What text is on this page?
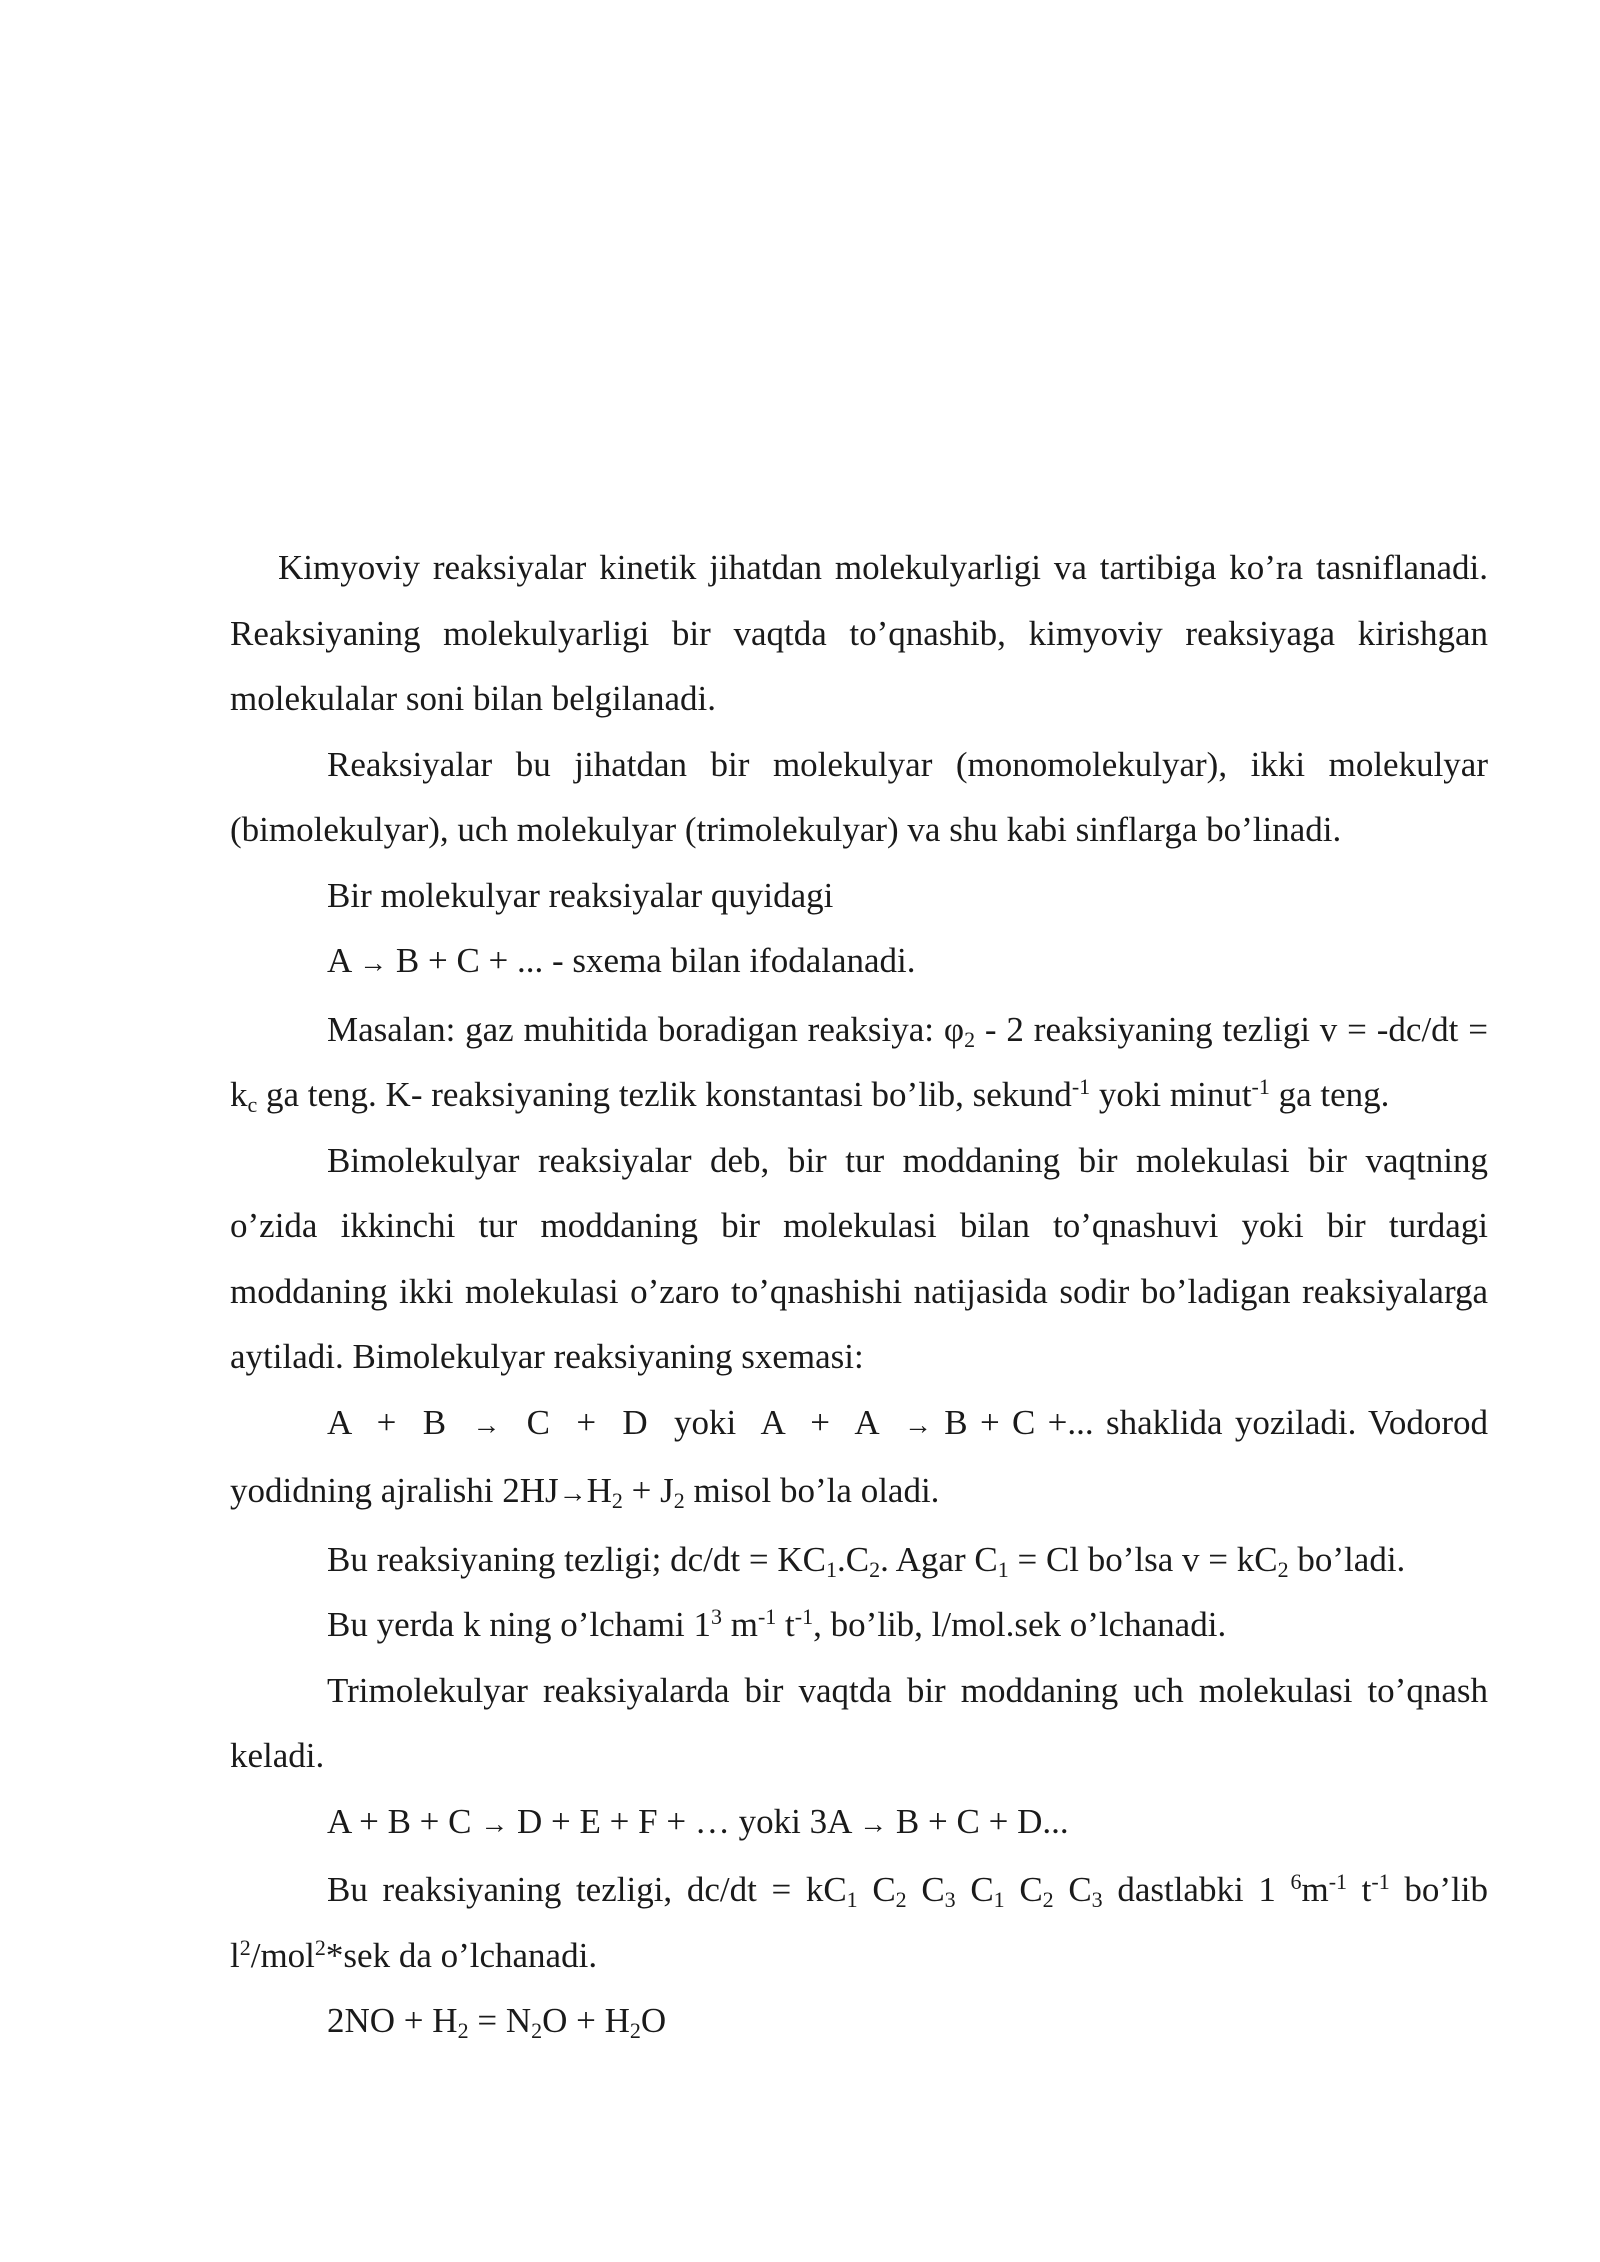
Kimyoviy reaksiyalar kinetik jihatdan molekulyarligi va tartibiga ko’ra tasniflanadi. Reaksiyaning molekulyarligi bir vaqtda to’qnashib, kimyoviy reaksiyaga kirishgan molekulalar soni bilan belgilanadi.

Reaksiyalar bu jihatdan bir molekulyar (monomolekulyar), ikki molekulyar (bimolekulyar), uch molekulyar (trimolekulyar) va shu kabi sinflarga bo’linadi.

Bir molekulyar reaksiyalar quyidagi

A → B + C + ... - sxema bilan ifodalanadi.

Masalan: gaz muhitida boradigan reaksiya: $\varphi_2 - 2$ reaksiyaning tezligi $v = -dc/dt = k_c$ ga teng. K- reaksiyaning tezlik konstantasi bo’lib, sekund$^{-1}$ yoki minut$^{-1}$ ga teng.

Bimolekulyar reaksiyalar deb, bir tur moddaning bir molekulasi bir vaqtning o’zida ikkinchi tur moddaning bir molekulasi bilan to’qnashuvi yoki bir turdagi moddaning ikki molekulasi o’zaro to’qnashishi natijasida sodir bo’ladigan reaksiyalarga aytiladi. Bimolekulyar reaksiyaning sxemasi:

A + B → C + D yoki A + A → B + C +... shaklida yoziladi. Vodorod yodidning ajralishi $2HJ\to H_2 + J_2$ misol bo’la oladi.

Bu reaksiyaning tezligi; $dc/dt = KC_1.C_2$. Agar $C_1 = Cl$ bo’lsa $v = kC_2$ bo’ladi.

Bu yerda k ning o’lchami $1^3$ $m^{-1}$ $t^{-1}$, bo’lib, l/mol.sek o’lchanadi.

Trimolekulyar reaksiyalarda bir vaqtda bir moddaning uch molekulasi to’qnash keladi.

A + B + C → D + E + F + … yoki 3A → B + C + D...

Bu reaksiyaning tezligi, $dc/dt = kC_1$ $C_2$ $C_3$ $C_1$ $C_2$ $C_3$ dastlabki 1 $^6m^{-1}$ $t^{-1}$ bo’lib $l^2/mol^2*sek$ da o’lchanadi.

$2NO + H_2 = N_2O + H_2O$
